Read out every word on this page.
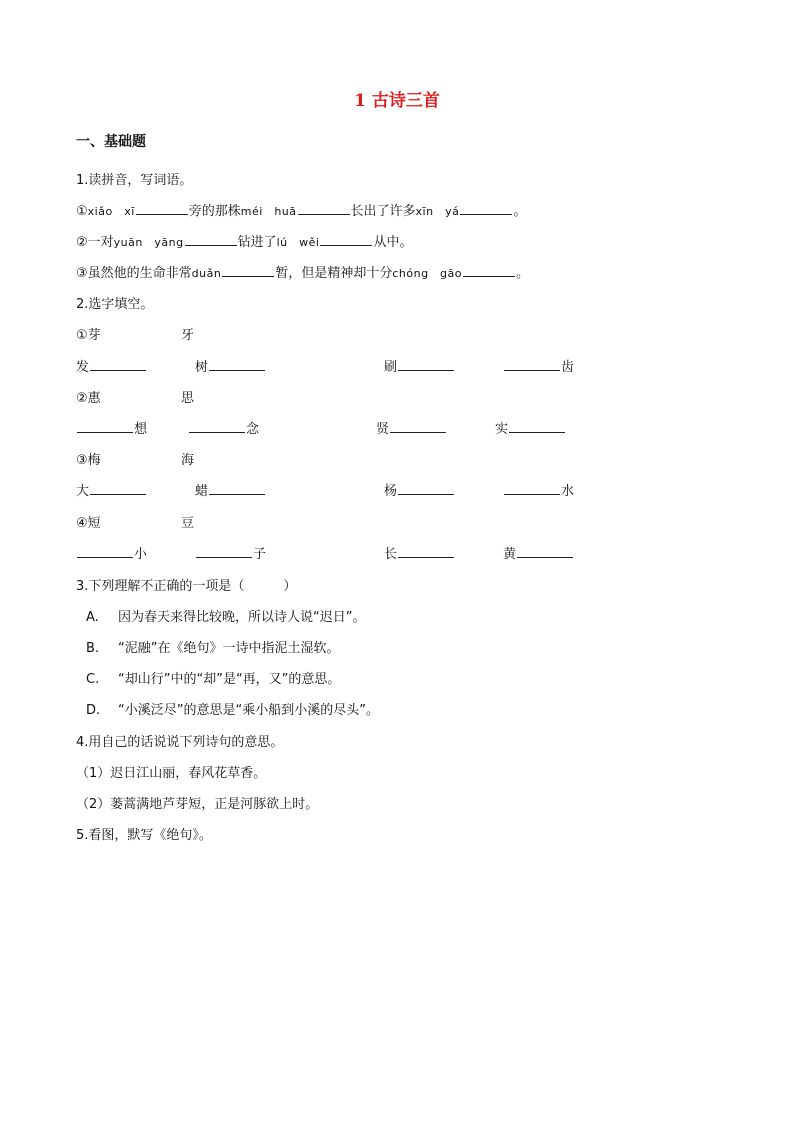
1 古诗三首
一、基础题
1.读拼音，写词语。
①xiǎo　xī	旁的那株méi　huā	长出了许多xīn　yá	。
②一对yuān　yāng	钻进了lú　wěi	从中。
③虽然他的生命非常duǎn	暂，但是精神却十分chóng　gāo	。
2.选字填空。
①芽	牙
发	树	刷	齿
②惠	思
想	念	贤	实
③梅	海
大	蜡	杨	水
④短	豆
小	子	长	黄
3.下列理解不正确的一项是（　　　）
A. 因为春天来得比较晚，所以诗人说“迟日”。
B. “泥融”在《绝句》一诗中指泥土湿软。
C. “却山行”中的“却”是“再，又”的意思。
D. “小溪泛尽”的意思是“乘小船到小溪的尽头”。
4.用自己的话说说下列诗句的意思。
（1）迟日江山丽，春风花草香。
（2）蒌蒿满地芦芽短，正是河豚欲上时。
5.看图，默写《绝句》。
